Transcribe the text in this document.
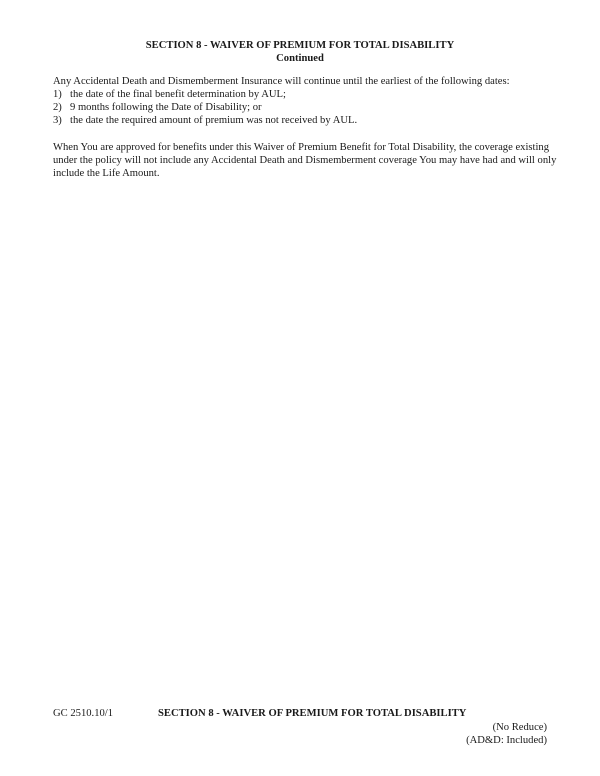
SECTION 8 - WAIVER OF PREMIUM FOR TOTAL DISABILITY
Continued
Any Accidental Death and Dismemberment Insurance will continue until the earliest of the following dates:
1) the date of the final benefit determination by AUL;
2) 9 months following the Date of Disability; or
3) the date the required amount of premium was not received by AUL.
When You are approved for benefits under this Waiver of Premium Benefit for Total Disability, the coverage existing under the policy will not include any Accidental Death and Dismemberment coverage You may have had and will only include the Life Amount.
GC 2510.10/1	SECTION 8 - WAIVER OF PREMIUM FOR TOTAL DISABILITY
(No Reduce)
(AD&D: Included)
